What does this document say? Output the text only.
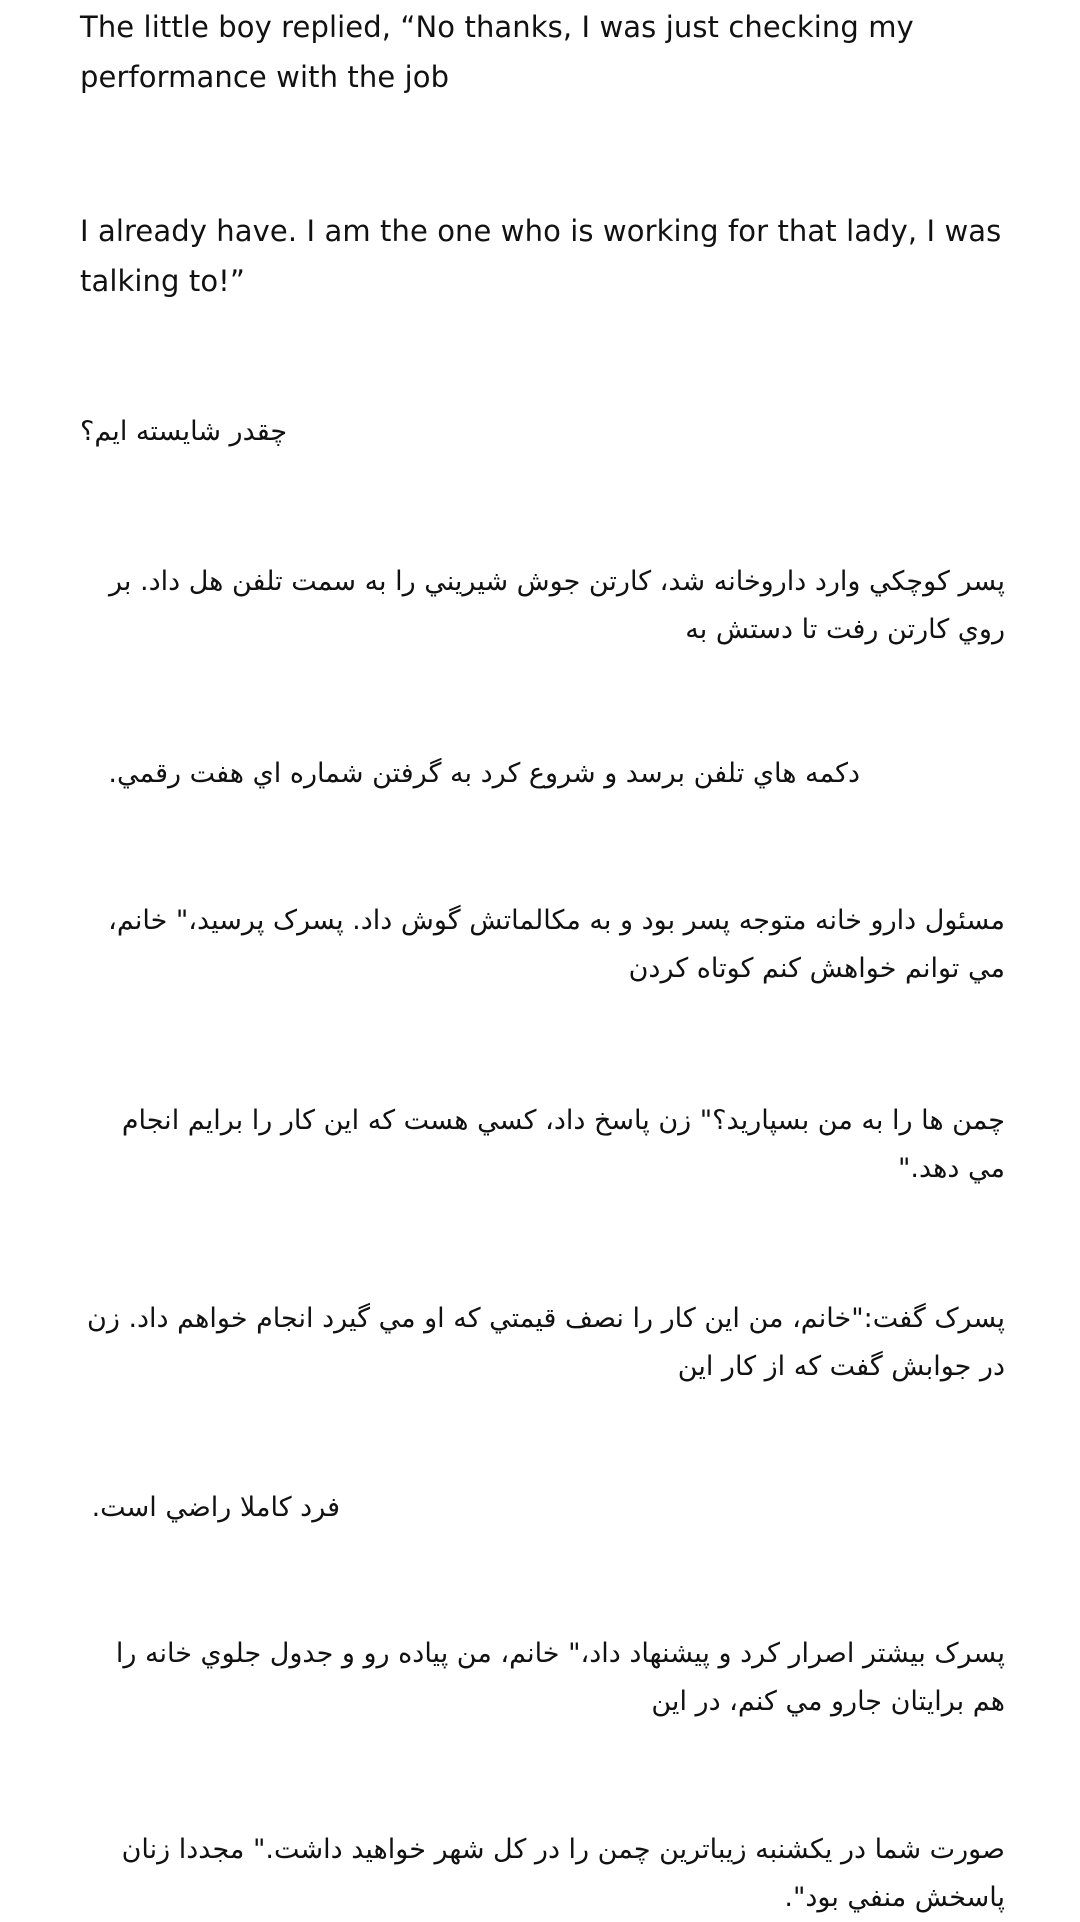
The little boy replied, “No thanks, I was just checking my performance with the job

I already have. I am the one who is working for that lady, I was talking to!”

چقدر شايسته ايم؟

پسر كوچكي وارد داروخانه شد، كارتن جوش شيريني را به سمت تلفن هل داد. بر روي كارتن رفت تا دستش به

دكمه هاي تلفن برسد و شروع كرد به گرفتن شماره اي هفت رقمي.

مسئول دارو خانه متوجه پسر بود و به مكالماتش گوش داد. پسرک پرسيد،" خانم، مي توانم خواهش كنم كوتاه كردن

چمن ها را به من بسپاريد؟" زن پاسخ داد، كسي هست كه اين كار را برايم انجام مي دهد."

پسرک گفت:"خانم، من اين كار را نصف قيمتي كه او مي گيرد انجام خواهم داد. زن در جوابش گفت كه از كار اين

فرد كاملا راضي است.

پسرک بيشتر اصرار كرد و پيشنهاد داد،" خانم، من پياده رو و جدول جلوي خانه را هم برايتان جارو مي كنم، در اين

صورت شما در يكشنبه زيباترين چمن را در كل شهر خواهيد داشت." مجددا زنان پاسخش منفي بود".
